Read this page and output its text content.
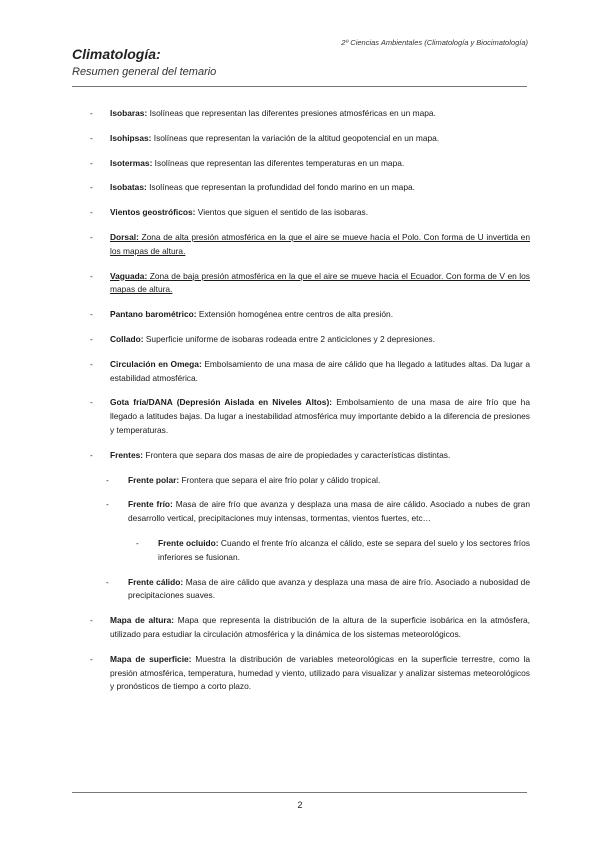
2º Ciencias Ambientales (Climatología y Biocimatología)
Climatología:
Resumen general del temario
- Isobaras: Isolíneas que representan las diferentes presiones atmosféricas en un mapa.
- Isohipsas: Isolíneas que representan la variación de la altitud geopotencial en un mapa.
- Isotermas: Isolíneas que representan las diferentes temperaturas en un mapa.
- Isobatas: Isolíneas que representan la profundidad del fondo marino en un mapa.
- Vientos geostróficos: Vientos que siguen el sentido de las isobaras.
- Dorsal: Zona de alta presión atmosférica en la que el aire se mueve hacia el Polo. Con forma de U invertida en los mapas de altura.
- Vaguada: Zona de baja presión atmosférica en la que el aire se mueve hacia el Ecuador. Con forma de V en los mapas de altura.
- Pantano barométrico: Extensión homogénea entre centros de alta presión.
- Collado: Superficie uniforme de isobaras rodeada entre 2 anticiclones y 2 depresiones.
- Circulación en Omega: Embolsamiento de una masa de aire cálido que ha llegado a latitudes altas. Da lugar a estabilidad atmosférica.
- Gota fría/DANA (Depresión Aislada en Niveles Altos): Embolsamiento de una masa de aire frío que ha llegado a latitudes bajas. Da lugar a inestabilidad atmosférica muy importante debido a la diferencia de presiones y temperaturas.
- Frentes: Frontera que separa dos masas de aire de propiedades y características distintas.
- Frente polar: Frontera que separa el aire frío polar y cálido tropical.
- Frente frío: Masa de aire frío que avanza y desplaza una masa de aire cálido. Asociado a nubes de gran desarrollo vertical, precipitaciones muy intensas, tormentas, vientos fuertes, etc…
- Frente ocluido: Cuando el frente frío alcanza el cálido, este se separa del suelo y los sectores fríos inferiores se fusionan.
- Frente cálido: Masa de aire cálido que avanza y desplaza una masa de aire frío. Asociado a nubosidad de precipitaciones suaves.
- Mapa de altura: Mapa que representa la distribución de la altura de la superficie isobárica en la atmósfera, utilizado para estudiar la circulación atmosférica y la dinámica de los sistemas meteorológicos.
- Mapa de superficie: Muestra la distribución de variables meteorológicas en la superficie terrestre, como la presión atmosférica, temperatura, humedad y viento, utilizado para visualizar y analizar sistemas meteorológicos y pronósticos de tiempo a corto plazo.
2
